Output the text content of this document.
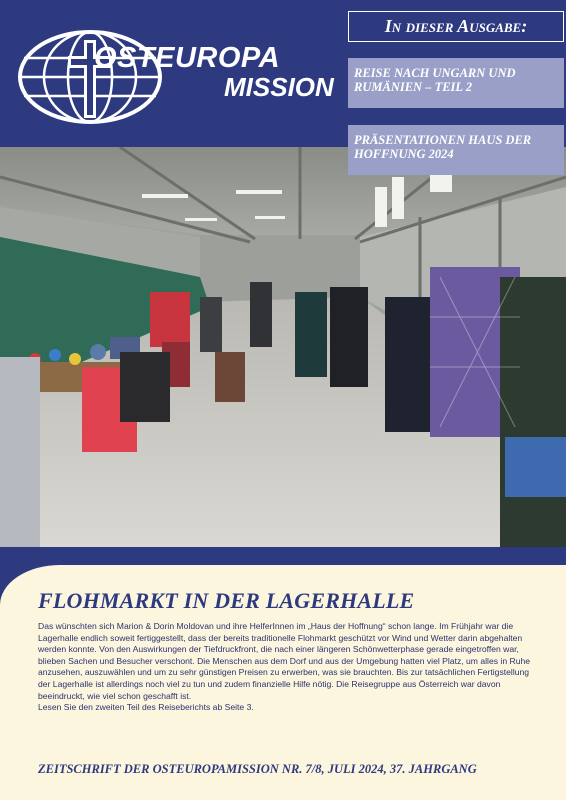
OSTEUROPA
MISSION
In dieser Ausgabe:
REISE NACH UNGARN UND RUMÄNIEN – TEIL 2
PRÄSENTATIONEN HAUS DER HOFFNUNG 2024
FLOHMARKT IN DER LAGERHALLE

Das wünschten sich Marion & Dorin Moldovan und ihre HelferInnen im „Haus der Hoffnung“ schon lange. Im Frühjahr war die Lagerhalle endlich soweit fertiggestellt, dass der bereits traditionelle Flohmarkt geschützt vor Wind und Wetter darin abgehalten werden konnte. Von den Auswirkungen der Tiefdruckfront, die nach einer längeren Schönwetterphase gerade eingetroffen war, blieben Sachen und Besucher verschont. Die Menschen aus dem Dorf und aus der Umgebung hatten viel Platz, um alles in Ruhe anzusehen, auszuwählen und um zu sehr günstigen Preisen zu erwerben, was sie brauchten. Bis zur tatsächlichen Fertigstellung der Lagerhalle ist allerdings noch viel zu tun und zudem finanzielle Hilfe nötig. Die Reisegruppe aus Österreich war davon beeindruckt, wie viel schon geschafft ist.

Lesen Sie den zweiten Teil des Reiseberichts ab Seite 3.

ZEITSCHRIFT DER OSTEUROPAMISSION NR. 7/8, JULI 2024, 37. JAHRGANG
